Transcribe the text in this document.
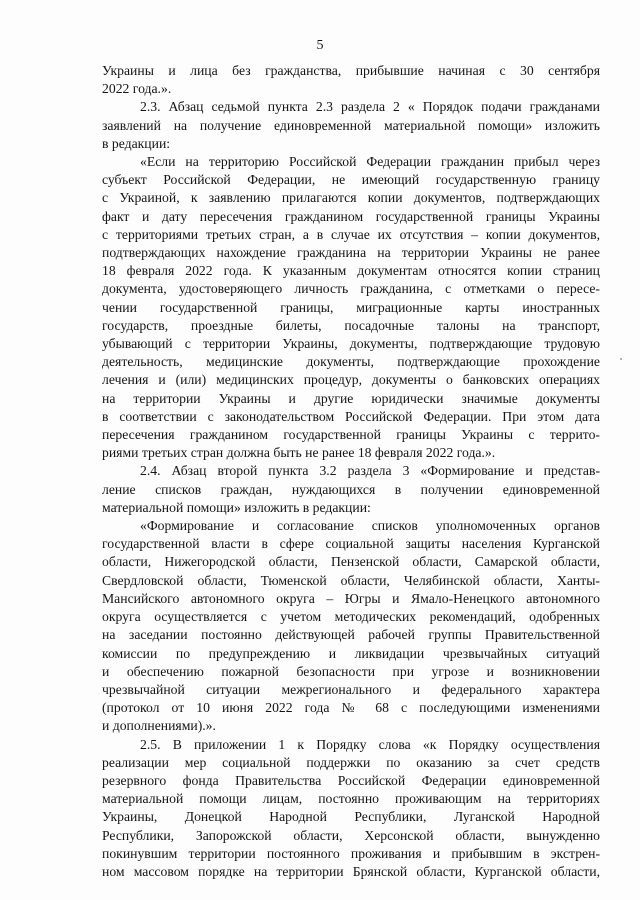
5
Украины и лица без гражданства, прибывшие начиная с 30 сентября
2022 года.».
2.3. Абзац седьмой пункта 2.3 раздела 2 « Порядок подачи гражданами
заявлений на получение единовременной материальной помощи» изложить
в редакции:
«Если на территорию Российской Федерации гражданин прибыл через
субъект Российской Федерации, не имеющий государственную границу
с Украиной, к заявлению прилагаются копии документов, подтверждающих
факт и дату пересечения гражданином государственной границы Украины
с территориями третьих стран, а в случае их отсутствия – копии документов,
подтверждающих нахождение гражданина на территории Украины не ранее
18 февраля 2022 года. К указанным документам относятся копии страниц
документа, удостоверяющего личность гражданина, с отметками о пересе-
чении государственной границы, миграционные карты иностранных
государств, проездные билеты, посадочные талоны на транспорт,
убывающий с территории Украины, документы, подтверждающие трудовую
деятельность, медицинские документы, подтверждающие прохождение
лечения и (или) медицинских процедур, документы о банковских операциях
на территории Украины и другие юридически значимые документы
в соответствии с законодательством Российской Федерации. При этом дата
пересечения гражданином государственной границы Украины с террито-
риями третьих стран должна быть не ранее 18 февраля 2022 года.».
2.4. Абзац второй пункта 3.2 раздела 3 «Формирование и представ-
ление списков граждан, нуждающихся в получении единовременной
материальной помощи» изложить в редакции:
«Формирование и согласование списков уполномоченных органов
государственной власти в сфере социальной защиты населения Курганской
области, Нижегородской области, Пензенской области, Самарской области,
Свердловской области, Тюменской области, Челябинской области, Ханты-
Мансийского автономного округа – Югры и Ямало-Ненецкого автономного
округа осуществляется с учетом методических рекомендаций, одобренных
на заседании постоянно действующей рабочей группы Правительственной
комиссии по предупреждению и ликвидации чрезвычайных ситуаций
и обеспечению пожарной безопасности при угрозе и возникновении
чрезвычайной ситуации межрегионального и федерального характера
(протокол от 10 июня 2022 года № 68 с последующими изменениями
и дополнениями).».
2.5. В приложении 1 к Порядку слова «к Порядку осуществления
реализации мер социальной поддержки по оказанию за счет средств
резервного фонда Правительства Российской Федерации единовременной
материальной помощи лицам, постоянно проживающим на территориях
Украины, Донецкой Народной Республики, Луганской Народной
Республики, Запорожской области, Херсонской области, вынужденно
покинувшим территории постоянного проживания и прибывшим в экстрен-
ном массовом порядке на территории Брянской области, Курганской области,
